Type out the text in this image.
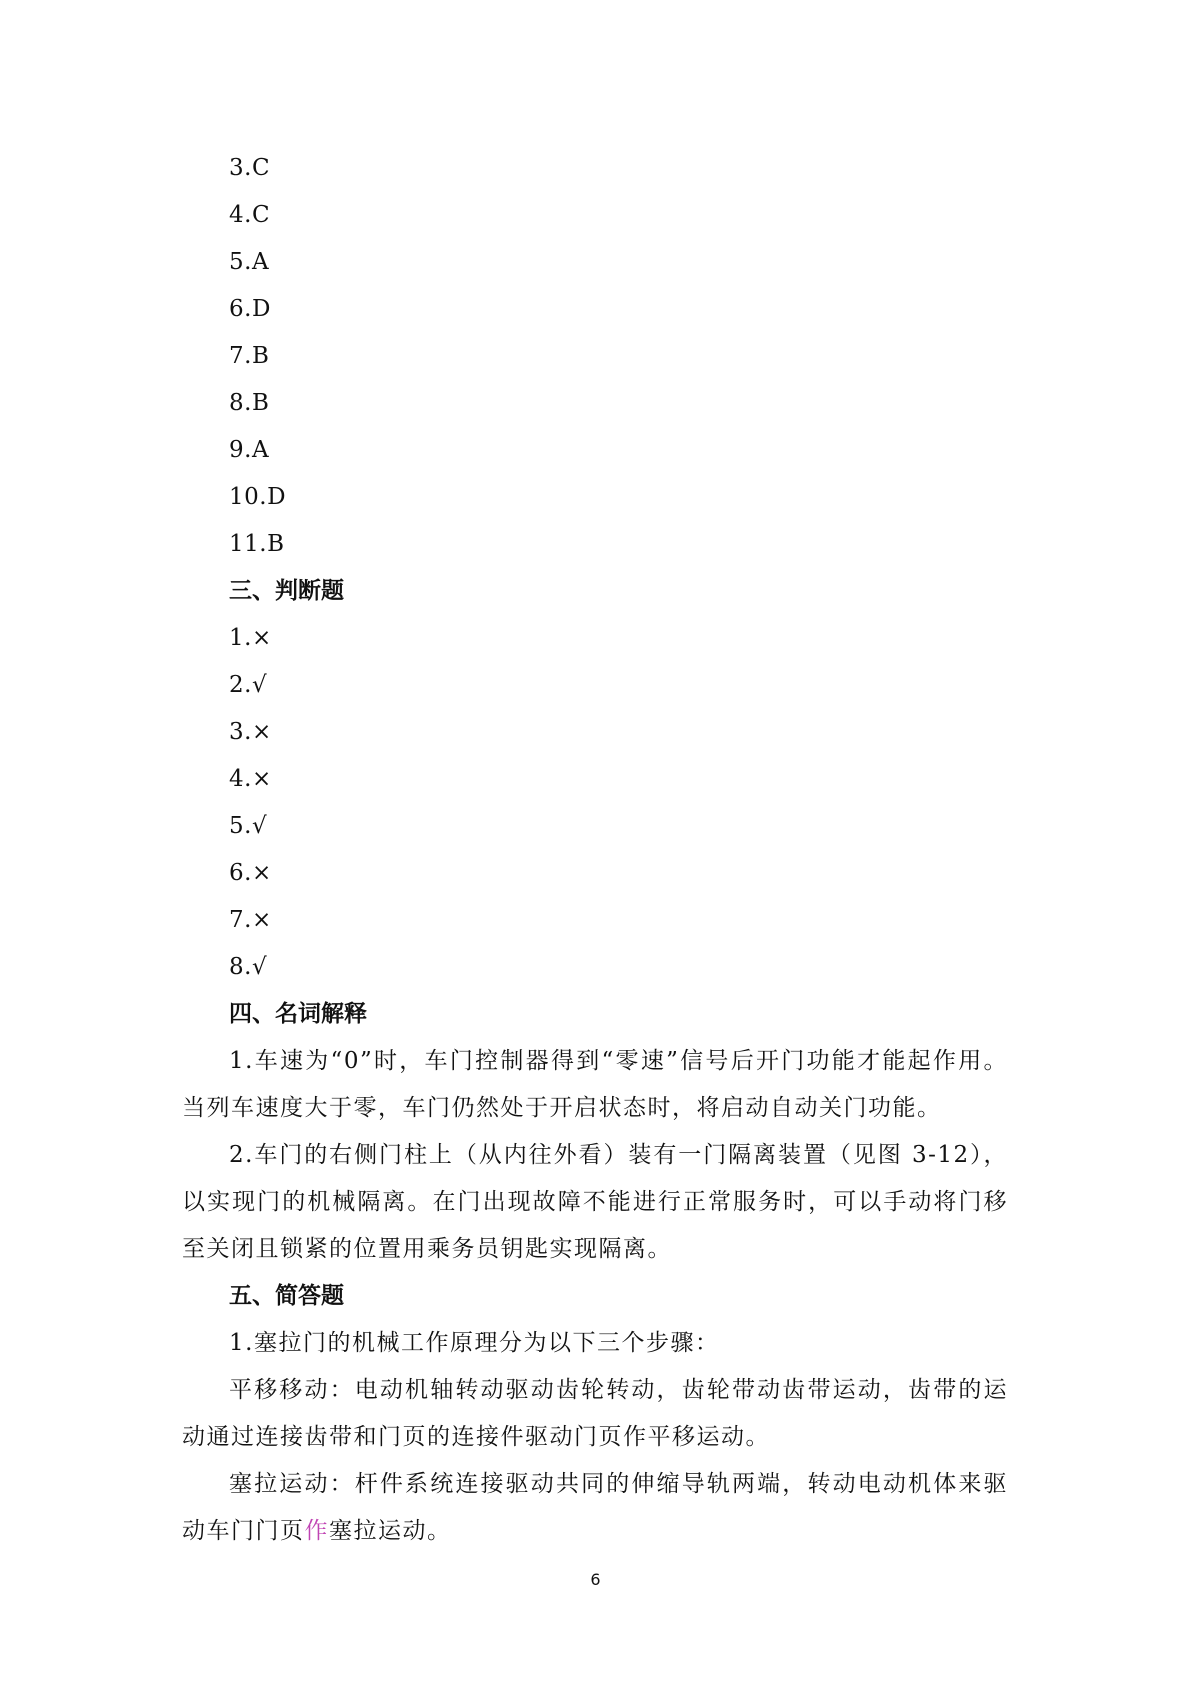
3.C
4.C
5.A
6.D
7.B
8.B
9.A
10.D
11.B
三、判断题
1.×
2.√
3.×
4.×
5.√
6.×
7.×
8.√
四、名词解释

1.车速为“0”时，车门控制器得到“零速”信号后开门功能才能起作用。当列车速度大于零，车门仍然处于开启状态时，将启动自动关门功能。

2.车门的右侧门柱上（从内往外看）装有一门隔离装置（见图 3-12），以实现门的机械隔离。在门出现故障不能进行正常服务时，可以手动将门移至关闭且锁紧的位置用乘务员钥匙实现隔离。

五、简答题

1.塞拉门的机械工作原理分为以下三个步骤：

平移移动：电动机轴转动驱动齿轮转动，齿轮带动齿带运动，齿带的运动通过连接齿带和门页的连接件驱动门页作平移运动。

塞拉运动：杆件系统连接驱动共同的伸缩导轨两端，转动电动机体来驱动车门门页作塞拉运动。

6
